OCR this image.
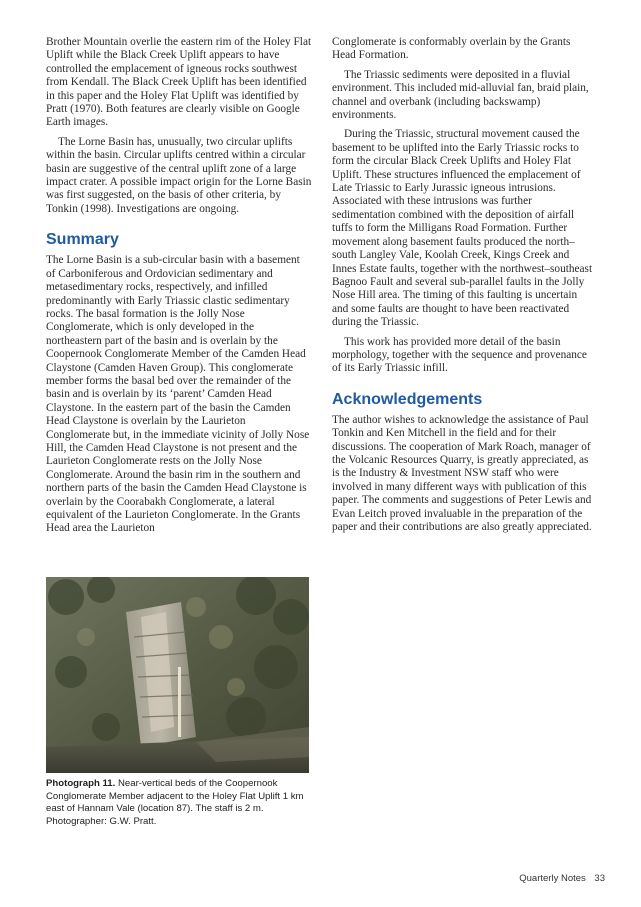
Brother Mountain overlie the eastern rim of the Holey Flat Uplift while the Black Creek Uplift appears to have controlled the emplacement of igneous rocks southwest from Kendall. The Black Creek Uplift has been identified in this paper and the Holey Flat Uplift was identified by Pratt (1970). Both features are clearly visible on Google Earth images.

The Lorne Basin has, unusually, two circular uplifts within the basin. Circular uplifts centred within a circular basin are suggestive of the central uplift zone of a large impact crater. A possible impact origin for the Lorne Basin was first suggested, on the basis of other criteria, by Tonkin (1998). Investigations are ongoing.

Summary

The Lorne Basin is a sub-circular basin with a basement of Carboniferous and Ordovician sedimentary and metasedimentary rocks, respectively, and infilled predominantly with Early Triassic clastic sedimentary rocks. The basal formation is the Jolly Nose Conglomerate, which is only developed in the northeastern part of the basin and is overlain by the Coopernook Conglomerate Member of the Camden Head Claystone (Camden Haven Group). This conglomerate member forms the basal bed over the remainder of the basin and is overlain by its ‘parent’ Camden Head Claystone. In the eastern part of the basin the Camden Head Claystone is overlain by the Laurieton Conglomerate but, in the immediate vicinity of Jolly Nose Hill, the Camden Head Claystone is not present and the Laurieton Conglomerate rests on the Jolly Nose Conglomerate. Around the basin rim in the southern and northern parts of the basin the Camden Head Claystone is overlain by the Coorabakh Conglomerate, a lateral equivalent of the Laurieton Conglomerate. In the Grants Head area the Laurieton

Photograph 11. Near-vertical beds of the Coopernook Conglomerate Member adjacent to the Holey Flat Uplift 1 km east of Hannam Vale (location 87). The staff is 2 m. Photographer: G.W. Pratt.

Conglomerate is conformably overlain by the Grants Head Formation.

The Triassic sediments were deposited in a fluvial environment. This included mid-alluvial fan, braid plain, channel and overbank (including backswamp) environments.

During the Triassic, structural movement caused the basement to be uplifted into the Early Triassic rocks to form the circular Black Creek Uplifts and Holey Flat Uplift. These structures influenced the emplacement of Late Triassic to Early Jurassic igneous intrusions. Associated with these intrusions was further sedimentation combined with the deposition of airfall tuffs to form the Milligans Road Formation. Further movement along basement faults produced the north–south Langley Vale, Koolah Creek, Kings Creek and Innes Estate faults, together with the northwest–southeast Bagnoo Fault and several sub-parallel faults in the Jolly Nose Hill area. The timing of this faulting is uncertain and some faults are thought to have been reactivated during the Triassic.

This work has provided more detail of the basin morphology, together with the sequence and provenance of its Early Triassic infill.

Acknowledgements

The author wishes to acknowledge the assistance of Paul Tonkin and Ken Mitchell in the field and for their discussions. The cooperation of Mark Roach, manager of the Volcanic Resources Quarry, is greatly appreciated, as is the Industry & Investment NSW staff who were involved in many different ways with publication of this paper. The comments and suggestions of Peter Lewis and Evan Leitch proved invaluable in the preparation of the paper and their contributions are also greatly appreciated.

Quarterly Notes 33
